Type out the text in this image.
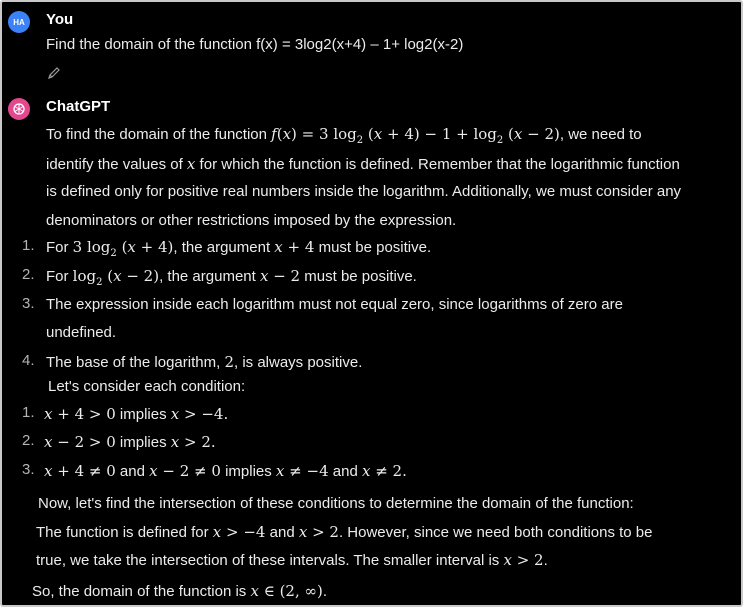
HA You
Find the domain of the function f(x) = 3log2(x+4) – 1+ log2(x-2)
ChatGPT
To find the domain of the function f(x) = 3 $\log_2 (x + 4) - 1 + \log_2 (x - 2)$, we need to
identify the values of x for which the function is defined. Remember that the logarithmic function
is defined only for positive real numbers inside the logarithm. Additionally, we must consider any
denominators or other restrictions imposed by the expression.
1. For 3 $\log_2 (x + 4)$, the argument x + 4 must be positive.
2. For $\log_2 (x - 2)$, the argument x − 2 must be positive.
3. The expression inside each logarithm must not equal zero, since logarithms of zero are
undefined.
4. The base of the logarithm, 2, is always positive.
Let's consider each condition:
1. x + 4 > 0 implies x > −4.
2. x − 2 > 0 implies x > 2.
3. x + 4 ≠ 0 and x − 2 ≠ 0 implies x ≠ −4 and x ≠ 2.
Now, let's find the intersection of these conditions to determine the domain of the function:
The function is defined for x > −4 and x > 2. However, since we need both conditions to be
true, we take the intersection of these intervals. The smaller interval is x > 2.
So, the domain of the function is x ∈ (2, ∞).
